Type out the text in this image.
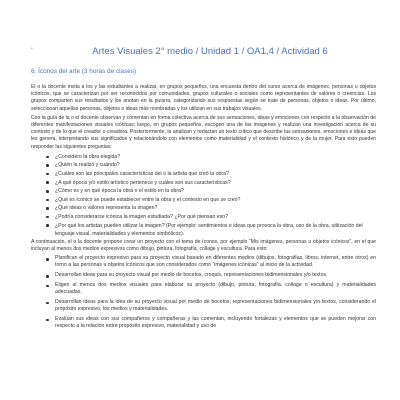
•	Artes Visuales 2° medio / Unidad 1 / OA1,4 / Actividad 6
6. Íconos del arte (3 horas de clases)

El o la docente invita a los y las estudiantes a realizar, en grupos pequeños, una encuesta dentro del curso acerca de imágenes, personas u objetos icónicos, que se caracterizan por ser reconocidos por comunidades, grupos culturales o sociales como representantes de valores o creencias. Los grupos comparten sus resultados y los anotan en la pizarra, categorizando sus respuestas según se trate de personas, objetos o ideas. Por último, seleccionan aquellas personas, objetos o ideas más nombradas y los utilizan en sus trabajos visuales.

Con la guía de la o el docente observan y comentan en forma colectiva acerca de sus sensaciones, ideas y emociones con respecto a la observación de diferentes manifestaciones visuales icónicas; luego, en grupos pequeños, escogen una de las imágenes y realizan una investigación acerca de su contexto y de lo que el creador o creadora. Posteriormente, la analizan y redactan un texto crítico que describe las sensaciones, emociones e ideas que les genera, interpretando sus significados y relacionándolo con elementos como materialidad y el contexto histórico y de la mujer. Para esto pueden responder las siguientes preguntas:

¿Considero la obra elegida?
¿Quién la realizó y cuándo?
¿Cuáles son las principales características del o la artista que creó la obra?
¿A qué época y/o estilo artístico pertenece y cuáles son sus características?
¿Cómo es y en qué época la obra o el estilo en la obra?
¿Qué es icónico se puede establecer entre la obra y el contexto en que se creó?
¿Qué ideas o valores representa la imagen?
¿Podría considerarse icónica la imagen estudiada? ¿Por qué piensan eso?
¿Por qué los artistas pueden utilizar la imagen? (Por ejemplo: sentimientos e ideas que provoca la obra, uso de la obra, utilización del lenguaje visual, materialidades y elementos simbólicos).

A continuación, el o la docente propone crear un proyecto con el tema de íconos, por ejemplo “Mis imágenes, personas u objetos icónicos”, en el que incluyan al menos dos medios expresivos como dibujo, pintura, fotografía, collage y escultura. Para esto:

Planifican el proyecto expresivo para su proyecto visual basado en diferentes medios (dibujos, fotografías, libros, internet, entre otros) en torno a las personas u objetos icónicos que son considerados como “imágenes icónicas” al inicio de la actividad.
Desarrollan ideas para su proyecto visual por medio de bocetos, croquis, representaciones bidimensionales y/o textos.
Eligen al menos dos medios visuales para elaborar su proyecto (dibujo, pintura, fotografía, collage o escultura) y materialidades adecuadas.
Desarrollan ideas para la idea de su proyecto visual por medio de bocetos, representaciones bidimensionales y/o textos, considerando el propósito expresivo, los medios y materialidades.
Evalúan sus ideas con sus compañeros y compañeras y las comentan, incluyendo fortalezas y elementos que se pueden mejorar con respecto a la relación entre propósito expresivo, materialidad y uso de
